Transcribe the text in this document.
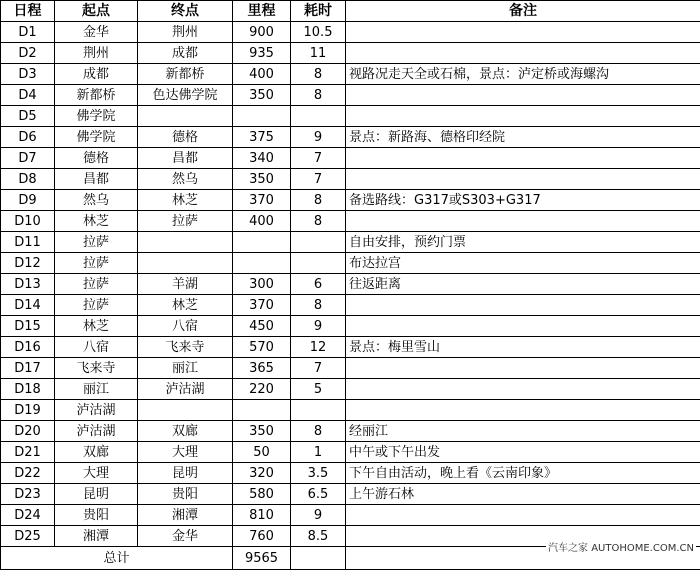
日程	起点	终点	里程	耗时	备注
D1	金华	荆州	900	10.5	
D2	荆州	成都	935	11	
D3	成都	新都桥	400	8	视路况走天全或石棉，景点：泸定桥或海螺沟
D4	新都桥	色达佛学院	350	8	
D5	佛学院				
D6	佛学院	德格	375	9	景点：新路海、德格印经院
D7	德格	昌都	340	7	
D8	昌都	然乌	350	7	
D9	然乌	林芝	370	8	备选路线：G317或S303+G317
D10	林芝	拉萨	400	8	
D11	拉萨				自由安排，预约门票
D12	拉萨				布达拉宫
D13	拉萨	羊湖	300	6	往返距离
D14	拉萨	林芝	370	8	
D15	林芝	八宿	450	9	
D16	八宿	飞来寺	570	12	景点：梅里雪山
D17	飞来寺	丽江	365	7	
D18	丽江	泸沽湖	220	5	
D19	泸沽湖				
D20	泸沽湖	双廊	350	8	经丽江
D21	双廊	大理	50	1	中午或下午出发
D22	大理	昆明	320	3.5	下午自由活动，晚上看《云南印象》
D23	昆明	贵阳	580	6.5	上午游石林
D24	贵阳	湘潭	810	9	
D25	湘潭	金华	760	8.5	
总计			9565		
汽车之家 AUTOHOME.COM.CN
